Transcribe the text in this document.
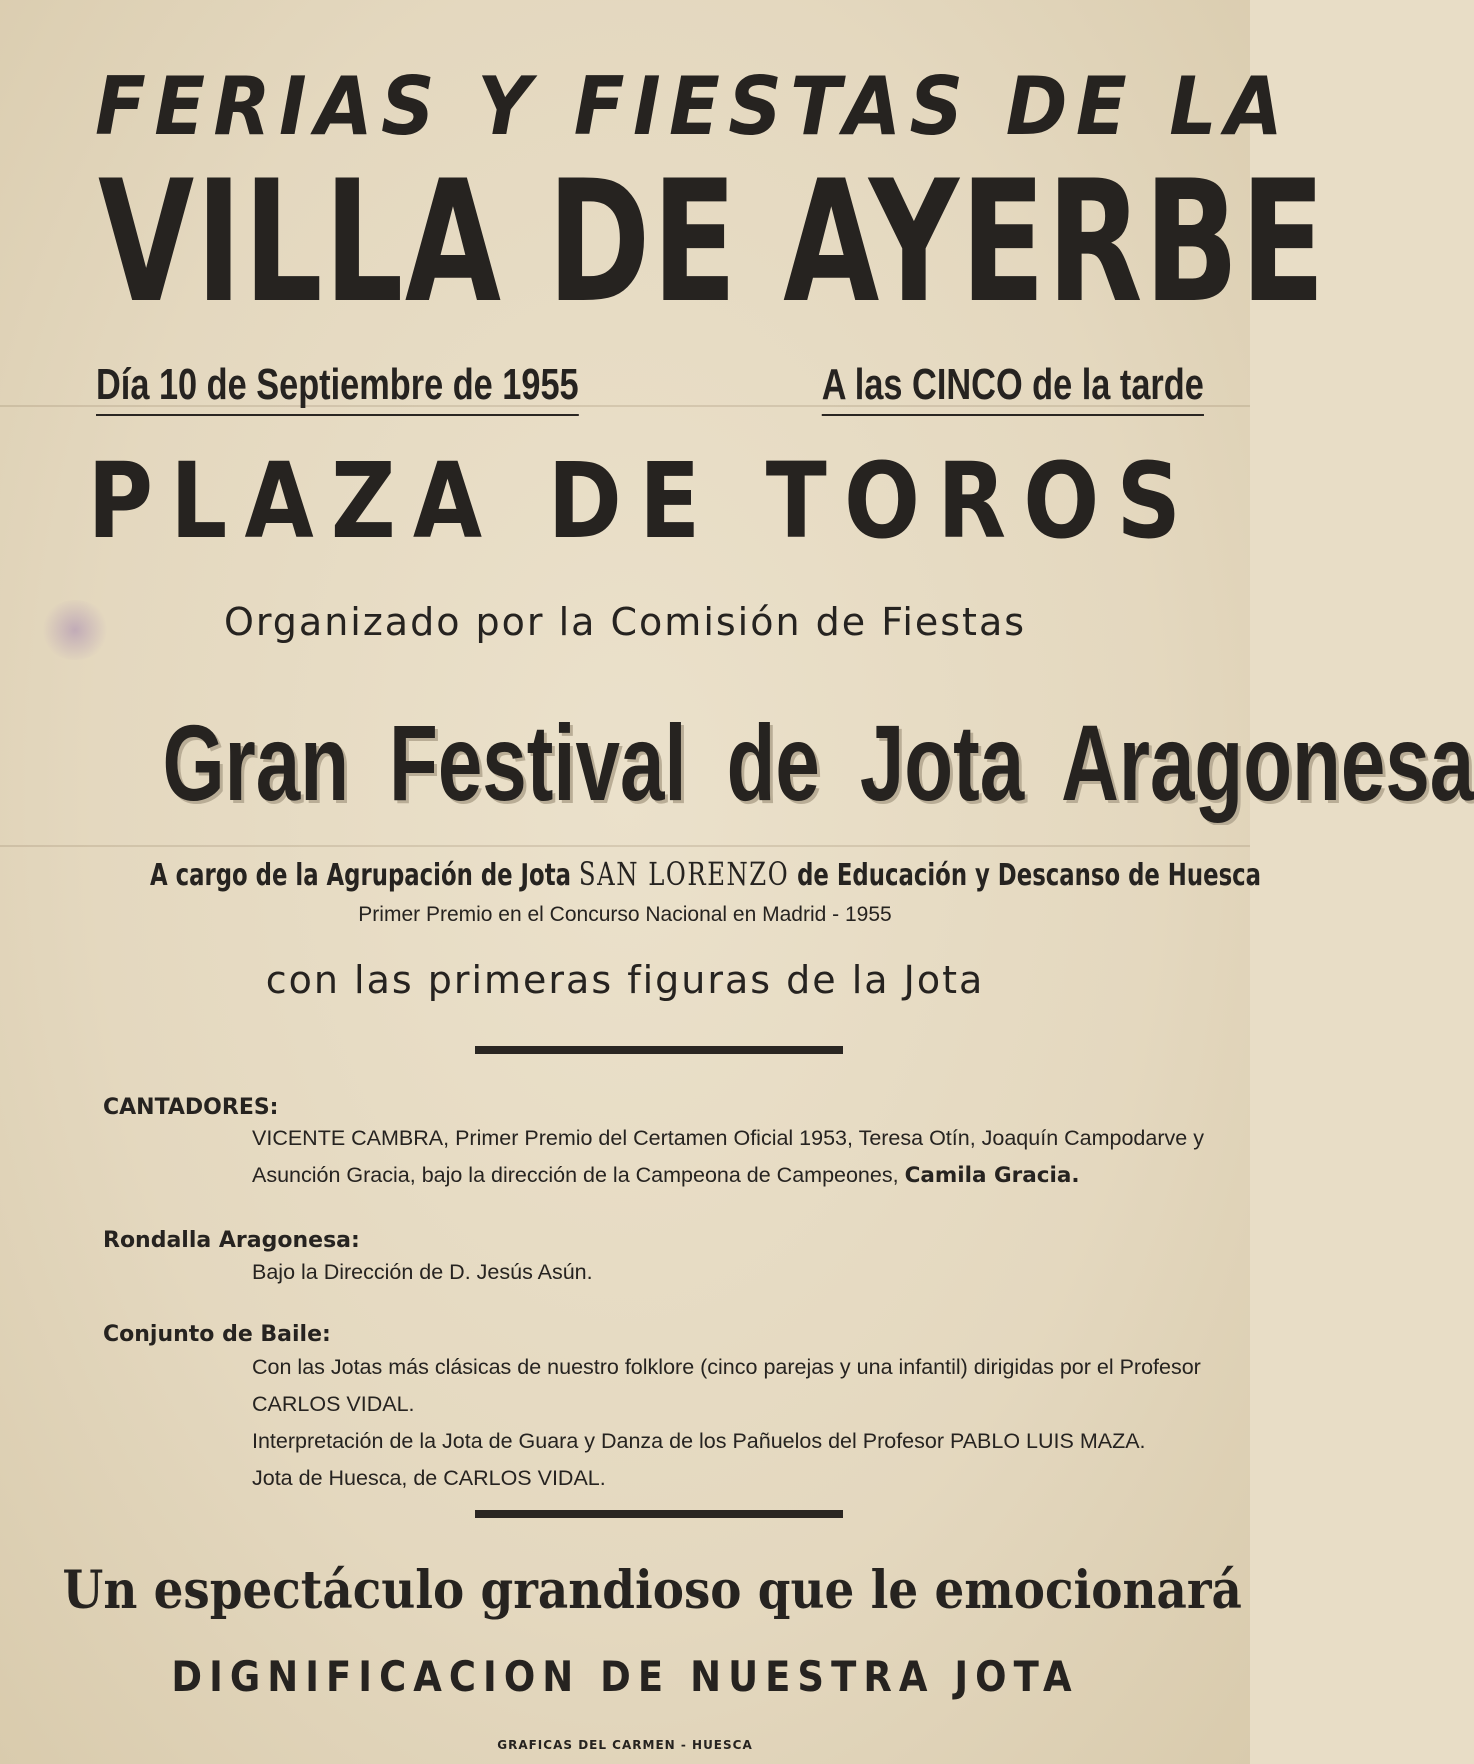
FERIAS Y FIESTAS DE LA
VILLA DE AYERBE
Día 10 de Septiembre de 1955	A las CINCO de la tarde
PLAZA DE TOROS
Organizado por la Comisión de Fiestas
Gran Festival de Jota Aragonesa
A cargo de la Agrupación de Jota SAN LORENZO de Educación y Descanso de Huesca
Primer Premio en el Concurso Nacional en Madrid - 1955
con las primeras figuras de la Jota
CANTADORES:
VICENTE CAMBRA, Primer Premio del Certamen Oficial 1953, Teresa Otín, Joaquín Campodarve y
Asunción Gracia, bajo la dirección de la Campeona de Campeones, Camila Gracia.
Rondalla Aragonesa:
Bajo la Dirección de D. Jesús Asún.
Conjunto de Baile:
Con las Jotas más clásicas de nuestro folklore (cinco parejas y una infantil) dirigidas por el Profesor
CARLOS VIDAL.
Interpretación de la Jota de Guara y Danza de los Pañuelos del Profesor PABLO LUIS MAZA.
Jota de Huesca, de CARLOS VIDAL.
Un espectáculo grandioso que le emocionará
DIGNIFICACION DE NUESTRA JOTA
GRAFICAS DEL CARMEN - HUESCA
